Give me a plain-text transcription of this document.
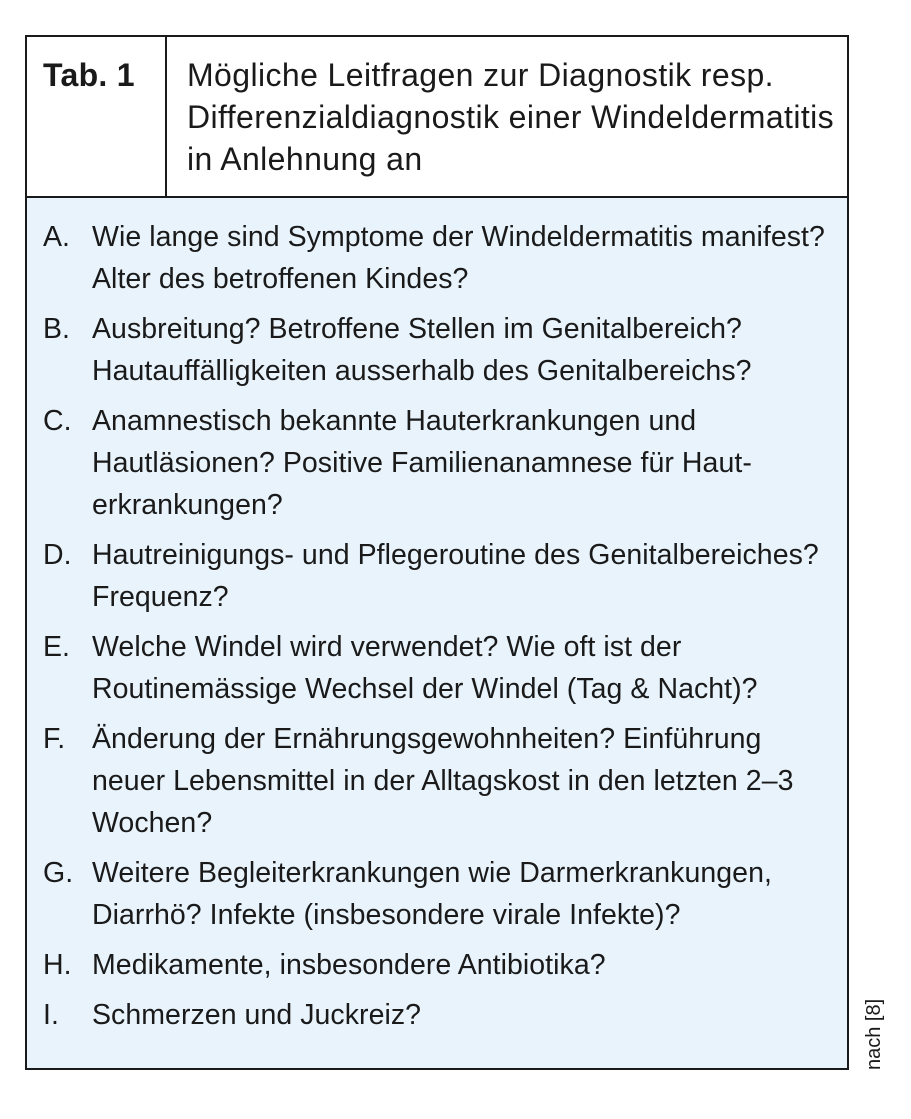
Tab. 1	Mögliche Leitfragen zur Diagnostik resp. Differenzialdiagnostik einer Windeldermatitis in Anlehnung an
A. Wie lange sind Symptome der Windeldermatitis manifest? Alter des betroffenen Kindes?
B. Ausbreitung? Betroffene Stellen im Genitalbereich? Hautauffälligkeiten ausserhalb des Genitalbereichs?
C. Anamnestisch bekannte Hauterkrankungen und Hautläsionen? Positive Familienanamnese für Hauterkrankungen?
D. Hautreinigungs- und Pflegeroutine des Genitalbereiches? Frequenz?
E. Welche Windel wird verwendet? Wie oft ist der Routinemässige Wechsel der Windel (Tag & Nacht)?
F. Änderung der Ernährungsgewohnheiten? Einführung neuer Lebensmittel in der Alltagskost in den letzten 2–3 Wochen?
G. Weitere Begleiterkrankungen wie Darmerkrankungen, Diarrhö? Infekte (insbesondere virale Infekte)?
H. Medikamente, insbesondere Antibiotika?
I. Schmerzen und Juckreiz?	nach [8]
